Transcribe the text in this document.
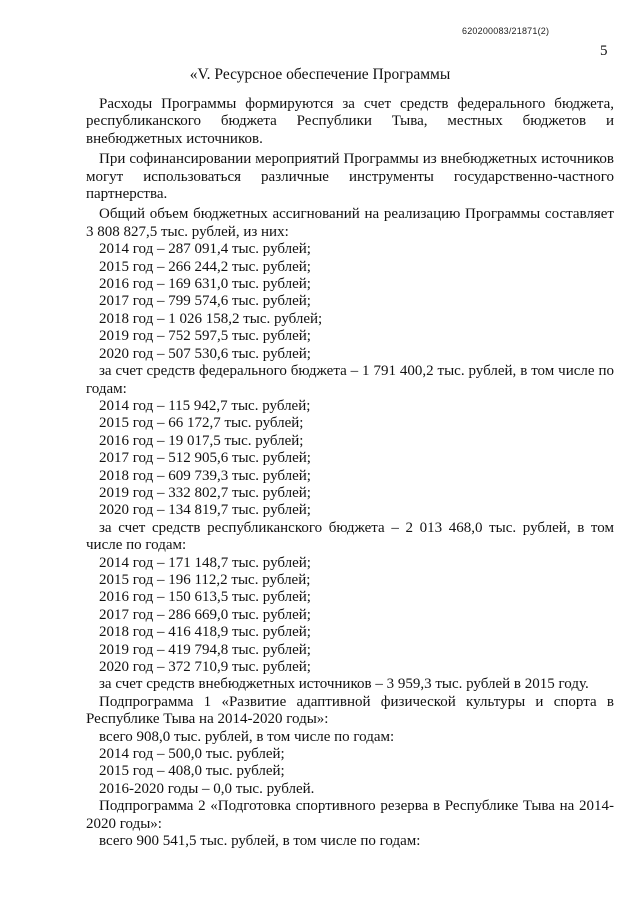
620200083/21871(2)
5
«V. Ресурсное обеспечение Программы

Расходы Программы формируются за счет средств федерального бюджета, республиканского бюджета Республики Тыва, местных бюджетов и внебюджетных источников.

При софинансировании мероприятий Программы из внебюджетных источников могут использоваться различные инструменты государственно-частного партнерства.

Общий объем бюджетных ассигнований на реализацию Программы составляет 3 808 827,5 тыс. рублей, из них:

2014 год – 287 091,4 тыс. рублей;

2015 год – 266 244,2 тыс. рублей;

2016 год – 169 631,0 тыс. рублей;

2017 год – 799 574,6 тыс. рублей;

2018 год – 1 026 158,2 тыс. рублей;

2019 год – 752 597,5 тыс. рублей;

2020 год – 507 530,6 тыс. рублей;

за счет средств федерального бюджета – 1 791 400,2 тыс. рублей, в том числе по годам:

2014 год – 115 942,7 тыс. рублей;

2015 год – 66 172,7 тыс. рублей;

2016 год – 19 017,5 тыс. рублей;

2017 год – 512 905,6 тыс. рублей;

2018 год – 609 739,3 тыс. рублей;

2019 год – 332 802,7 тыс. рублей;

2020 год – 134 819,7 тыс. рублей;

за счет средств республиканского бюджета – 2 013 468,0 тыс. рублей, в том числе по годам:

2014 год – 171 148,7 тыс. рублей;

2015 год – 196 112,2 тыс. рублей;

2016 год – 150 613,5 тыс. рублей;

2017 год – 286 669,0 тыс. рублей;

2018 год – 416 418,9 тыс. рублей;

2019 год – 419 794,8 тыс. рублей;

2020 год – 372 710,9 тыс. рублей;

за счет средств внебюджетных источников – 3 959,3 тыс. рублей в 2015 году.

Подпрограмма 1 «Развитие адаптивной физической культуры и спорта в Республике Тыва на 2014-2020 годы»:

всего 908,0 тыс. рублей, в том числе по годам:

2014 год – 500,0 тыс. рублей;

2015 год – 408,0 тыс. рублей;

2016-2020 годы – 0,0 тыс. рублей.

Подпрограмма 2 «Подготовка спортивного резерва в Республике Тыва на 2014-2020 годы»:

всего 900 541,5 тыс. рублей, в том числе по годам:
